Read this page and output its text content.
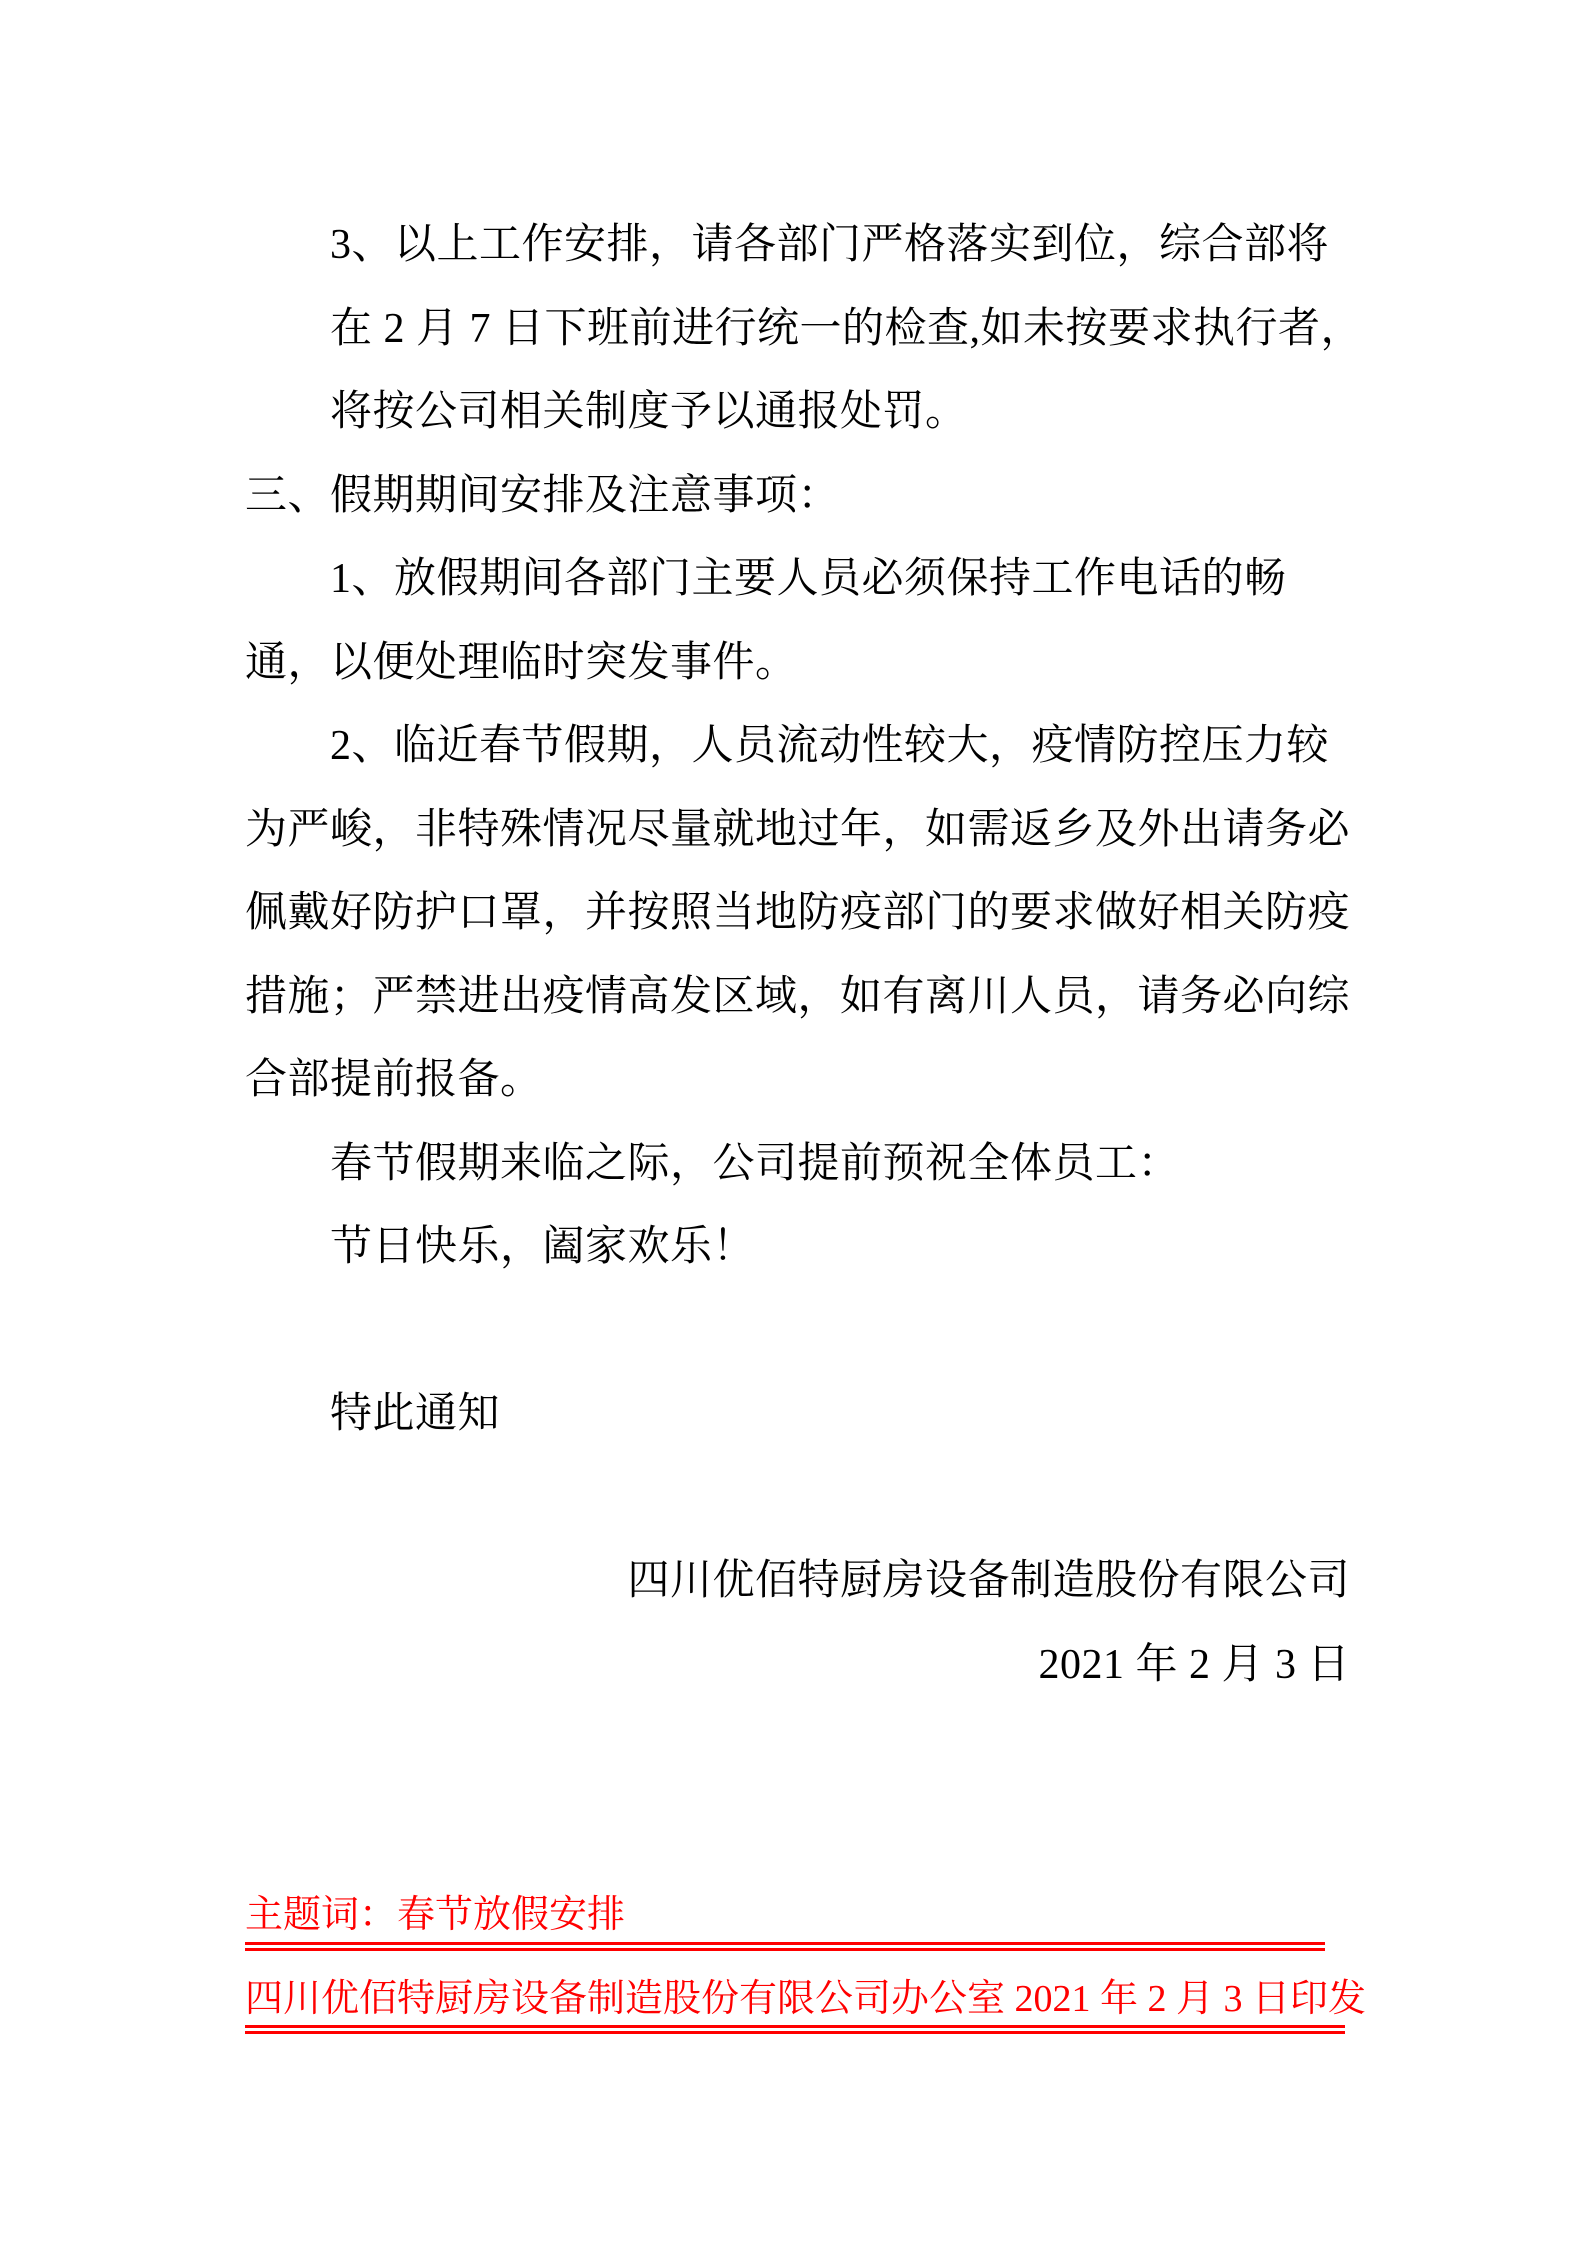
3、以上工作安排，请各部门严格落实到位，综合部将
在 2 月 7 日下班前进行统一的检查,如未按要求执行者，
将按公司相关制度予以通报处罚。
三、假期期间安排及注意事项：
1、放假期间各部门主要人员必须保持工作电话的畅
通，以便处理临时突发事件。
2、临近春节假期，人员流动性较大，疫情防控压力较
为严峻，非特殊情况尽量就地过年，如需返乡及外出请务必
佩戴好防护口罩，并按照当地防疫部门的要求做好相关防疫
措施；严禁进出疫情高发区域，如有离川人员，请务必向综
合部提前报备。
春节假期来临之际，公司提前预祝全体员工：
节日快乐，阖家欢乐！
特此通知
四川优佰特厨房设备制造股份有限公司
2021 年 2 月 3 日
主题词：春节放假安排
四川优佰特厨房设备制造股份有限公司办公室 2021 年 2 月 3 日印发
